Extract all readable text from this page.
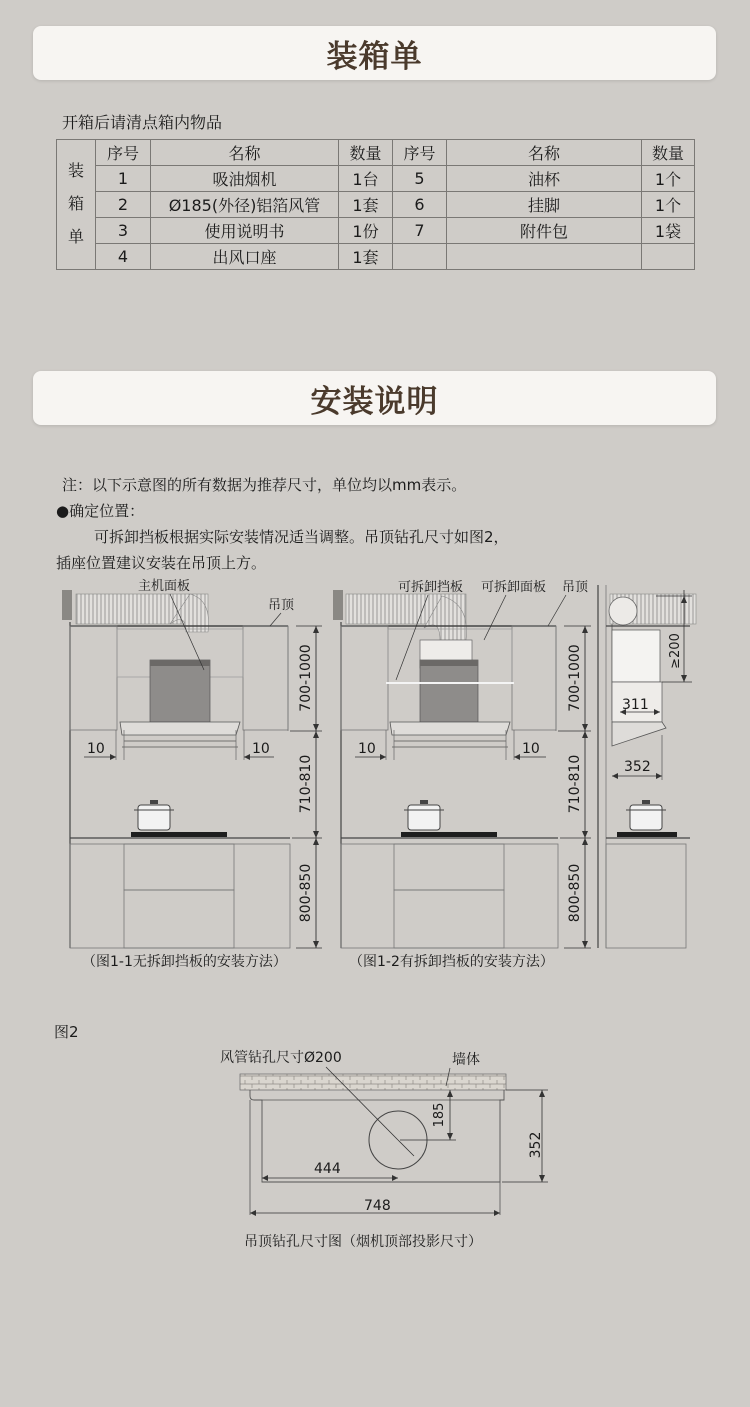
装箱单
开箱后请清点箱内物品
装
箱
单	序号	名称	数量	序号	名称	数量
	1	吸油烟机	1台	5	油杯	1个
	2	Ø185(外径)铝箔风管	1套	6	挂脚	1个
	3	使用说明书	1份	7	附件包	1袋
	4	出风口座	1套			
安装说明
注：以下示意图的所有数据为推荐尺寸，单位均以mm表示。
●确定位置：
可拆卸挡板根据实际安装情况适当调整。吊顶钻孔尺寸如图2，
插座位置建议安装在吊顶上方。
10	10
700-1000
710-810
800-850
主机面板
吊顶
10	10
700-1000
710-810
800-850
可拆卸挡板 可拆卸面板 吊顶
311
352
≥200
（图1-1无拆卸挡板的安装方法）	（图1-2有拆卸挡板的安装方法）
图2
风管钻孔尺寸Ø200	墙体
185
352
444
748
吊顶钻孔尺寸图（烟机顶部投影尺寸）
